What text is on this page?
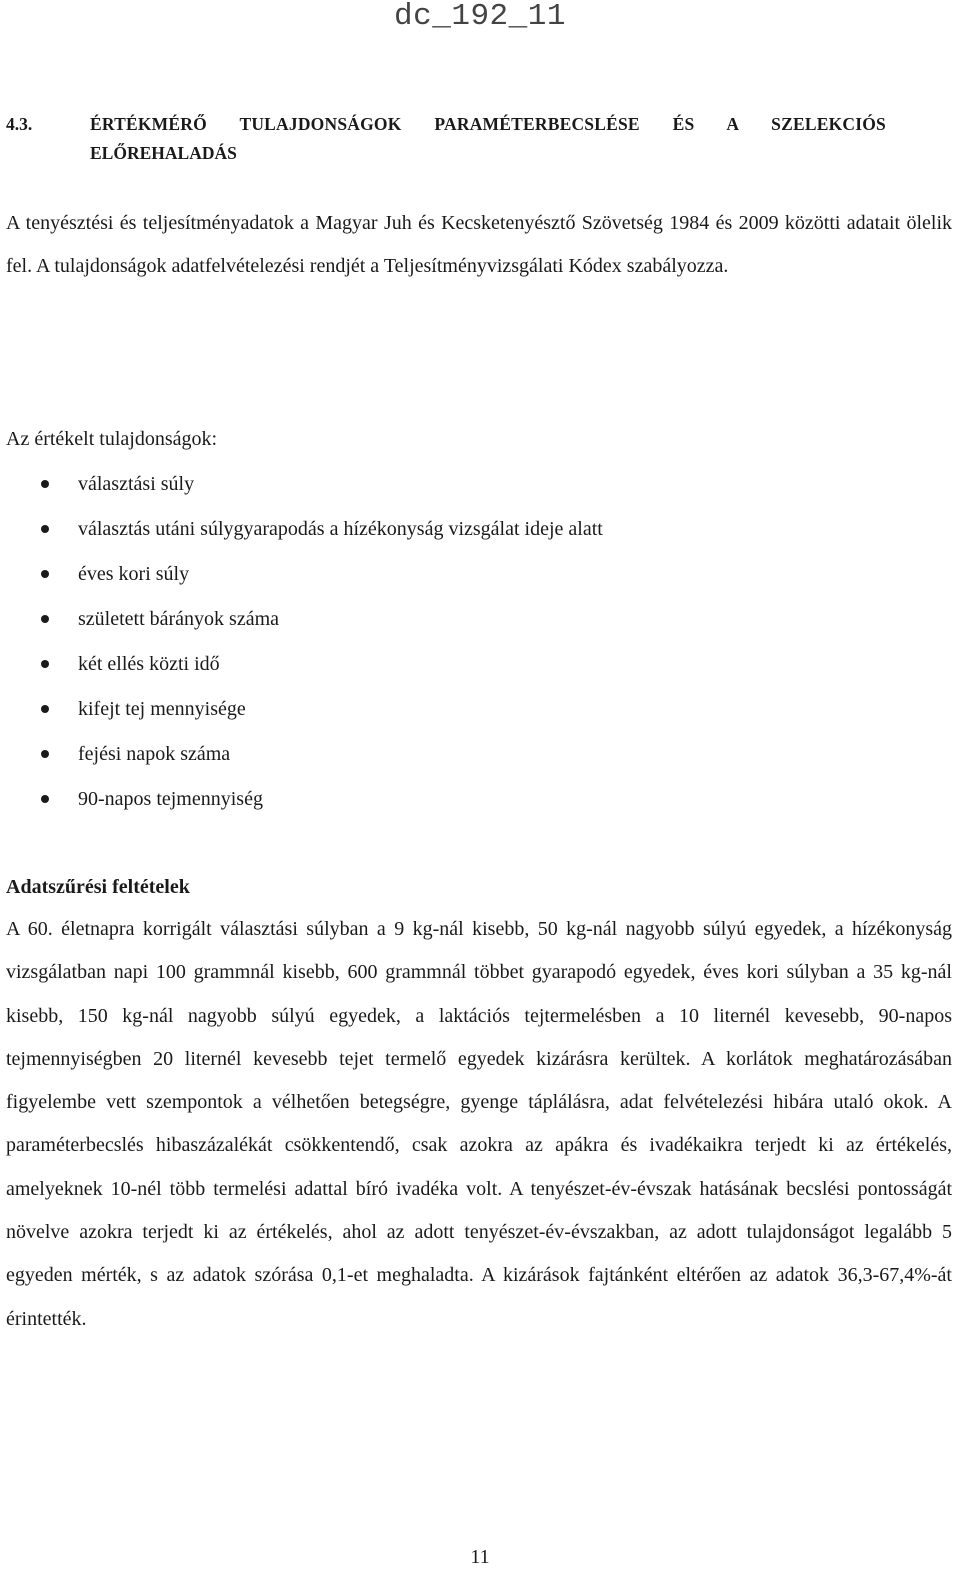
dc_192_11
4.3.	ÉRTÉKMÉRŐ TULAJDONSÁGOK PARAMÉTERBECSLÉSE ÉS A SZELEKCIÓS
ELŐREHALADÁS

A tenyésztési és teljesítményadatok a Magyar Juh és Kecsketenyésztő Szövetség 1984 és 2009 közötti adatait ölelik fel. A tulajdonságok adatfelvételezési rendjét a Teljesítményvizsgálati Kódex szabályozza.

Az értékelt tulajdonságok:
választási súly
választás utáni súlygyarapodás a hízékonyság vizsgálat ideje alatt
éves kori súly
született bárányok száma
két ellés közti idő
kifejt tej mennyisége
fejési napok száma
90-napos tejmennyiség
Adatszűrési feltételek

A 60. életnapra korrigált választási súlyban a 9 kg-nál kisebb, 50 kg-nál nagyobb súlyú egyedek, a hízékonyság vizsgálatban napi 100 grammnál kisebb, 600 grammnál többet gyarapodó egyedek, éves kori súlyban a 35 kg-nál kisebb, 150 kg-nál nagyobb súlyú egyedek, a laktációs tejtermelésben a 10 liternél kevesebb, 90-napos tejmennyiségben 20 liternél kevesebb tejet termelő egyedek kizárásra kerültek. A korlátok meghatározásában figyelembe vett szempontok a vélhetően betegségre, gyenge táplálásra, adat felvételezési hibára utaló okok. A paraméterbecslés hibaszázalékát csökkentendő, csak azokra az apákra és ivadékaikra terjedt ki az értékelés, amelyeknek 10-nél több termelési adattal bíró ivadéka volt. A tenyészet-év-évszak hatásának becslési pontosságát növelve azokra terjedt ki az értékelés, ahol az adott tenyészet-év-évszakban, az adott tulajdonságot legalább 5 egyeden mérték, s az adatok szórása 0,1-et meghaladta. A kizárások fajtánként eltérően az adatok 36,3-67,4%-át érintették.

11
